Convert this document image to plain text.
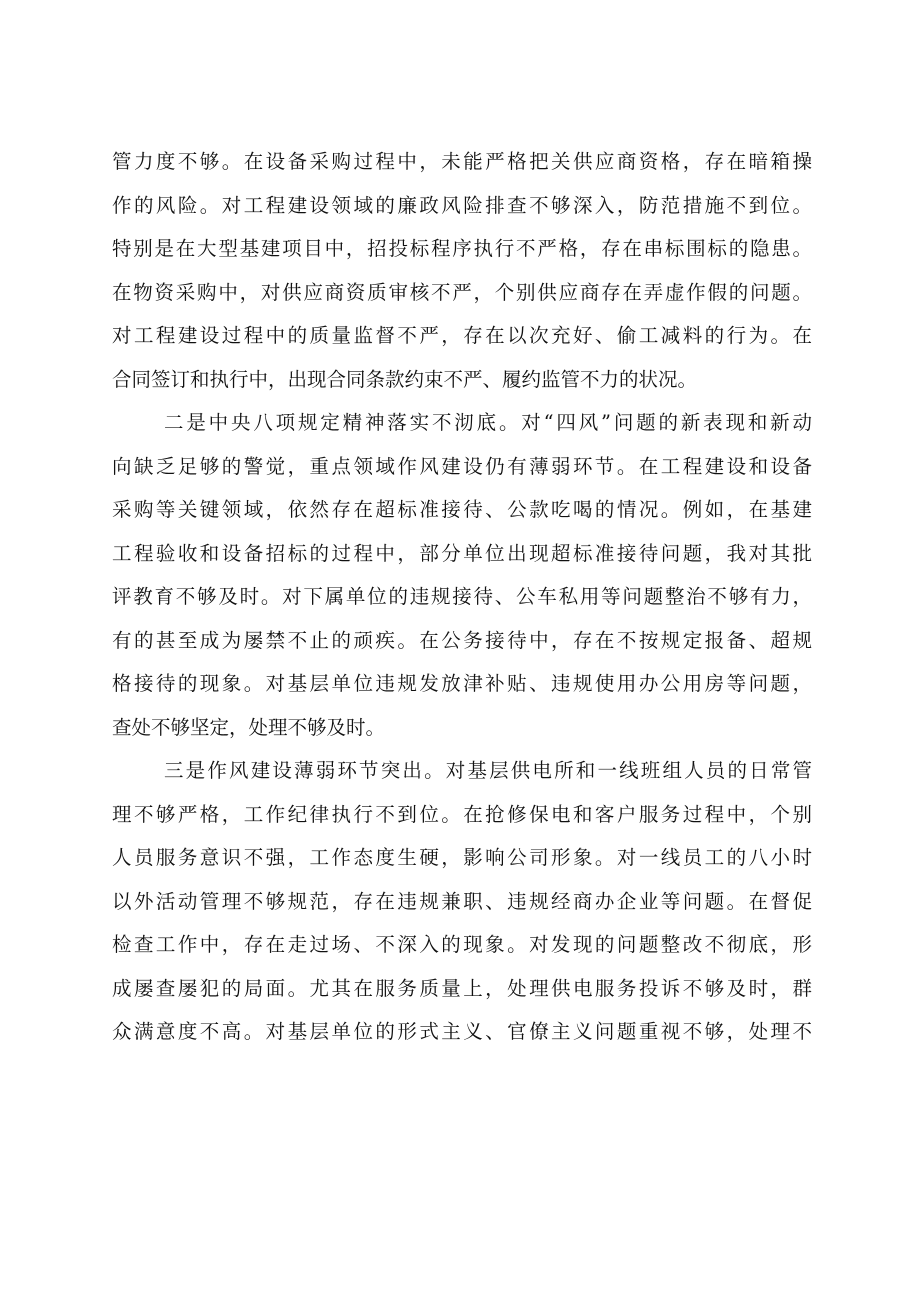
管力度不够。在设备采购过程中，未能严格把关供应商资格，存在暗箱操
作的风险。对工程建设领域的廉政风险排查不够深入，防范措施不到位。
特别是在大型基建项目中，招投标程序执行不严格，存在串标围标的隐患。
在物资采购中，对供应商资质审核不严，个别供应商存在弄虚作假的问题。
对工程建设过程中的质量监督不严，存在以次充好、偷工减料的行为。在
合同签订和执行中，出现合同条款约束不严、履约监管不力的状况。
二是中央八项规定精神落实不沏底。对“四风”问题的新表现和新动
向缺乏足够的警觉，重点领域作风建设仍有薄弱环节。在工程建设和设备
采购等关键领域，依然存在超标准接待、公款吃喝的情况。例如，在基建
工程验收和设备招标的过程中，部分单位出现超标准接待问题，我对其批
评教育不够及时。对下属单位的违规接待、公车私用等问题整治不够有力，
有的甚至成为屡禁不止的顽疾。在公务接待中，存在不按规定报备、超规
格接待的现象。对基层单位违规发放津补贴、违规使用办公用房等问题，
查处不够坚定，处理不够及时。
三是作风建设薄弱环节突出。对基层供电所和一线班组人员的日常管
理不够严格，工作纪律执行不到位。在抢修保电和客户服务过程中，个别
人员服务意识不强，工作态度生硬，影响公司形象。对一线员工的八小时
以外活动管理不够规范，存在违规兼职、违规经商办企业等问题。在督促
检查工作中，存在走过场、不深入的现象。对发现的问题整改不彻底，形
成屡查屡犯的局面。尤其在服务质量上，处理供电服务投诉不够及时，群
众满意度不高。对基层单位的形式主义、官僚主义问题重视不够，处理不
